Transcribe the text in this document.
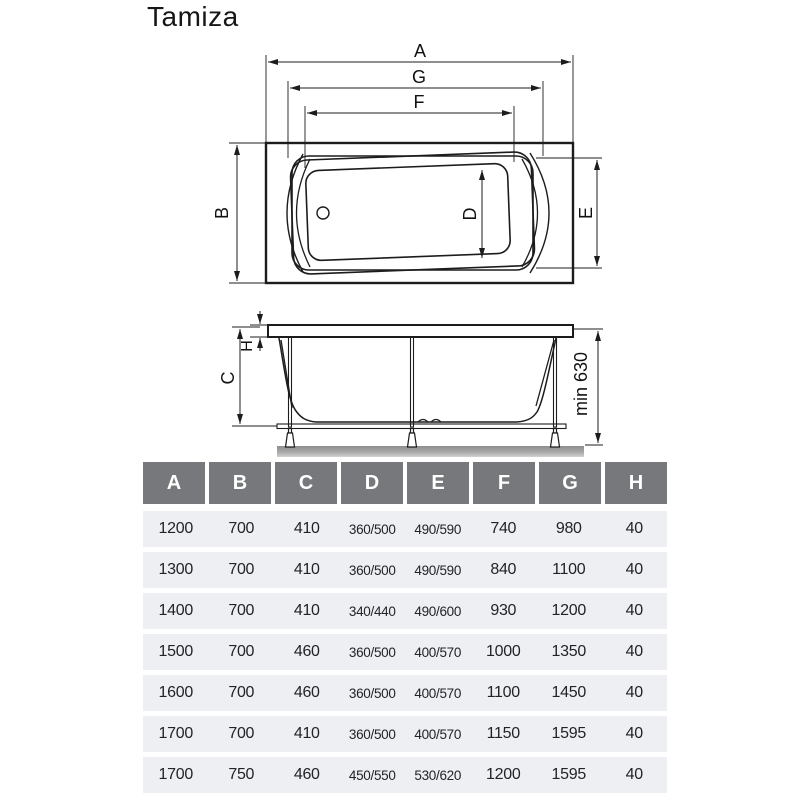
Tamiza
A
G
F
B	E
D
H
C	min 630
A	B	C	D	E	F	G	H
1200	700	410	360/500	490/590	740	980	40
1300	700	410	360/500	490/590	840	1100	40
1400	700	410	340/440	490/600	930	1200	40
1500	700	460	360/500	400/570	1000	1350	40
1600	700	460	360/500	400/570	1100	1450	40
1700	700	410	360/500	400/570	1150	1595	40
1700	750	460	450/550	530/620	1200	1595	40
